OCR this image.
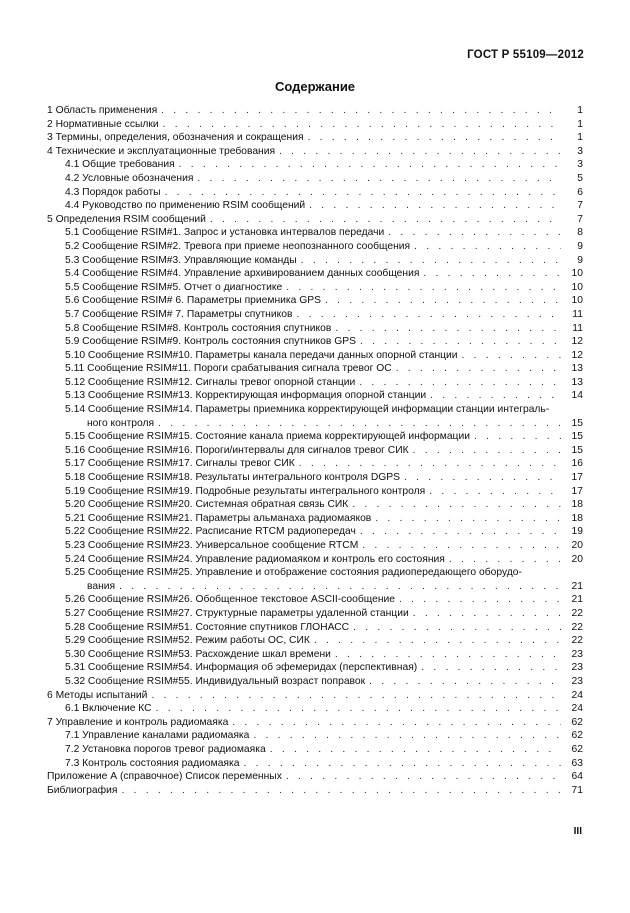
ГОСТ Р 55109—2012
Содержание
1 Область применения . . .	1
2 Нормативные ссылки . . .	1
3 Термины, определения, обозначения и сокращения . . .	1
4 Технические и эксплуатационные требования . . .	3
4.1 Общие требования . . .	3
4.2 Условные обозначения . . .	5
4.3 Порядок работы . . .	6
4.4 Руководство по применению RSIM сообщений . . .	7
5 Определения RSIM сообщений . . .	7
5.1 Сообщение RSIM#1. Запрос и установка интервалов передачи . . .	8
5.2 Сообщение RSIM#2. Тревога при приеме неопознанного сообщения . . .	9
5.3 Сообщение RSIM#3. Управляющие команды . . .	9
5.4 Сообщение RSIM#4. Управление архивированием данных сообщения . . .	10
5.5 Сообщение RSIM#5. Отчет о диагностике . . .	10
5.6 Сообщение RSIM# 6. Параметры приемника GPS . . .	10
5.7 Сообщение RSIM# 7. Параметры спутников . . .	11
5.8 Сообщение RSIM#8. Контроль состояния спутников . . .	11
5.9 Сообщение RSIM#9. Контроль состояния спутников GPS . . .	12
5.10 Сообщение RSIM#10. Параметры канала передачи данных опорной станции . . .	12
5.11 Сообщение RSIM#11. Пороги срабатывания сигнала тревог ОС . . .	13
5.12 Сообщение RSIM#12. Сигналы тревог опорной станции . . .	13
5.13 Сообщение RSIM#13. Корректирующая информация опорной станции . . .	14
5.14 Сообщение RSIM#14. Параметры приемника корректирующей информации станции интеграль-
ного контроля . . .	15
5.15 Сообщение RSIM#15. Состояние канала приема корректирующей информации . . .	15
5.16 Сообщение RSIM#16. Пороги/интервалы для сигналов тревог СИК . . .	15
5.17 Сообщение RSIM#17. Сигналы тревог СИК . . .	16
5.18 Сообщение RSIM#18. Результаты интегрального контроля DGPS . . .	17
5.19 Сообщение RSIM#19. Подробные результаты интегрального контроля . . .	17
5.20 Сообщение RSIM#20. Системная обратная связь СИК . . .	18
5.21 Сообщение RSIM#21. Параметры альманаха радиомаяков . . .	18
5.22 Сообщение RSIM#22. Расписание RTCM радиопередач . . .	19
5.23 Сообщение RSIM#23. Универсальное сообщение RTCM . . .	20
5.24 Сообщение RSIM#24. Управление радиомаяком и контроль его состояния . . .	20
5.25 Сообщение RSIM#25. Управление и отображение состояния радиопередающего оборудо-
вания . . .	21
5.26 Сообщение RSIM#26. Обобщенное текстовое ASCII-сообщение . . .	21
5.27 Сообщение RSIM#27. Структурные параметры удаленной станции . . .	22
5.28 Сообщение RSIM#51. Состояние спутников ГЛОНАСС . . .	22
5.29 Сообщение RSIM#52. Режим работы ОС, СИК . . .	22
5.30 Сообщение RSIM#53. Расхождение шкал времени . . .	23
5.31 Сообщение RSIM#54. Информация об эфемеридах (перспективная) . . .	23
5.32 Сообщение RSIM#55. Индивидуальный возраст поправок . . .	23
6 Методы испытаний . . .	24
6.1 Включение КС . . .	24
7 Управление и контроль радиомаяка . . .	62
7.1 Управление каналами радиомаяка . . .	62
7.2 Установка порогов тревог радиомаяка . . .	62
7.3 Контроль состояния радиомаяка . . .	63
Приложение А (справочное) Список переменных . . .	64
Библиография . . .	71
III
